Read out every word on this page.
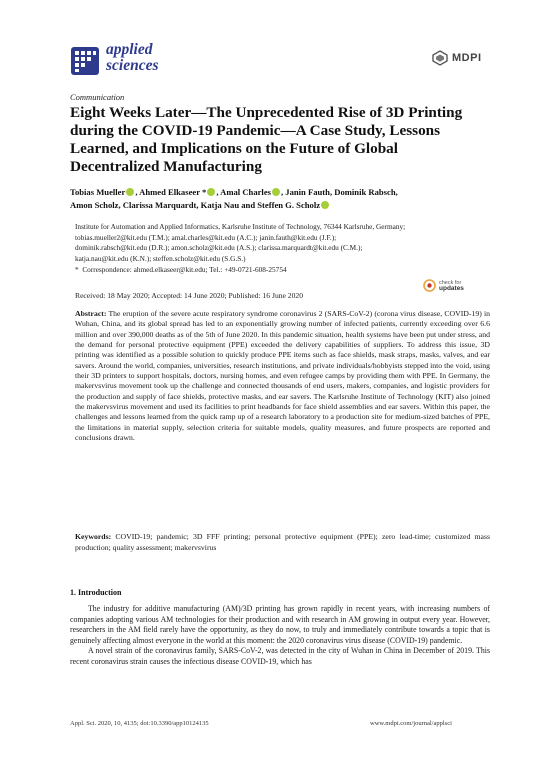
applied
sciences	MDPI
Communication
Eight Weeks Later—The Unprecedented Rise of 3D Printing during the COVID-19 Pandemic—A Case Study, Lessons Learned, and Implications on the Future of Global Decentralized Manufacturing
Tobias Mueller , Ahmed Elkaseer * , Amal Charles , Janin Fauth, Dominik Rabsch,
Amon Scholz, Clarissa Marquardt, Katja Nau and Steffen G. Scholz
Institute for Automation and Applied Informatics, Karlsruhe Institute of Technology, 76344 Karlsruhe, Germany;
tobias.mueller2@kit.edu (T.M.); amal.charles@kit.edu (A.C.); janin.fauth@kit.edu (J.F.);
dominik.rabsch@kit.edu (D.R.); amon.scholz@kit.edu (A.S.); clarissa.marquardt@kit.edu (C.M.);
katja.nau@kit.edu (K.N.); steffen.scholz@kit.edu (S.G.S.)
* Correspondence: ahmed.elkaseer@kit.edu; Tel.: +49-0721-608-25754
check for
updates
Received: 18 May 2020; Accepted: 14 June 2020; Published: 16 June 2020
Abstract: The eruption of the severe acute respiratory syndrome coronavirus 2 (SARS-CoV-2) (corona virus disease, COVID-19) in Wuhan, China, and its global spread has led to an exponentially growing number of infected patients, currently exceeding over 6.6 million and over 390,000 deaths as of the 5th of June 2020. In this pandemic situation, health systems have been put under stress, and the demand for personal protective equipment (PPE) exceeded the delivery capabilities of suppliers. To address this issue, 3D printing was identified as a possible solution to quickly produce PPE items such as face shields, mask straps, masks, valves, and ear savers. Around the world, companies, universities, research institutions, and private individuals/hobbyists stepped into the void, using their 3D printers to support hospitals, doctors, nursing homes, and even refugee camps by providing them with PPE. In Germany, the makervsvirus movement took up the challenge and connected thousands of end users, makers, companies, and logistic providers for the production and supply of face shields, protective masks, and ear savers. The Karlsruhe Institute of Technology (KIT) also joined the makervsvirus movement and used its facilities to print headbands for face shield assemblies and ear savers. Within this paper, the challenges and lessons learned from the quick ramp up of a research laboratory to a production site for medium-sized batches of PPE, the limitations in material supply, selection criteria for suitable models, quality measures, and future prospects are reported and conclusions drawn.
Keywords: COVID-19; pandemic; 3D FFF printing; personal protective equipment (PPE); zero lead-time; customized mass production; quality assessment; makervsvirus
1. Introduction

The industry for additive manufacturing (AM)/3D printing has grown rapidly in recent years, with increasing numbers of companies adopting various AM technologies for their production and with research in AM growing in output every year. However, researchers in the AM field rarely have the opportunity, as they do now, to truly and immediately contribute towards a topic that is genuinely affecting almost everyone in the world at this moment: the 2020 coronavirus virus disease (COVID-19) pandemic.

A novel strain of the coronavirus family, SARS-CoV-2, was detected in the city of Wuhan in China in December of 2019. This recent coronavirus strain causes the infectious disease COVID-19, which has

Appl. Sci. 2020, 10, 4135; doi:10.3390/app10124135	www.mdpi.com/journal/applsci
